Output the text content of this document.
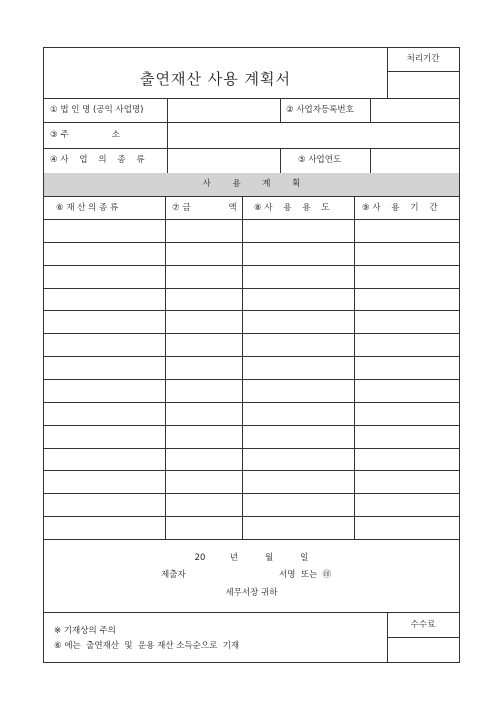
출연재산 사용 계획서
처리기간
① 법 인 명 (공익 사업명)	② 사업자등록번호
③ 주                소
④ 사    업    의    종    류	⑤ 사업연도
사        용        계        획
⑥ 재 산 의 종 류	⑦ 금              액 ⑧ 사    용    용    도	⑨ 사    용    기    간
20         년          월          일
제출자	서명  또는  ㊞
세무서장 귀하
※ 기재상의 주의
⑥ 에는  출연재산  및  운용 재산 소득순으로  기재
수수료
